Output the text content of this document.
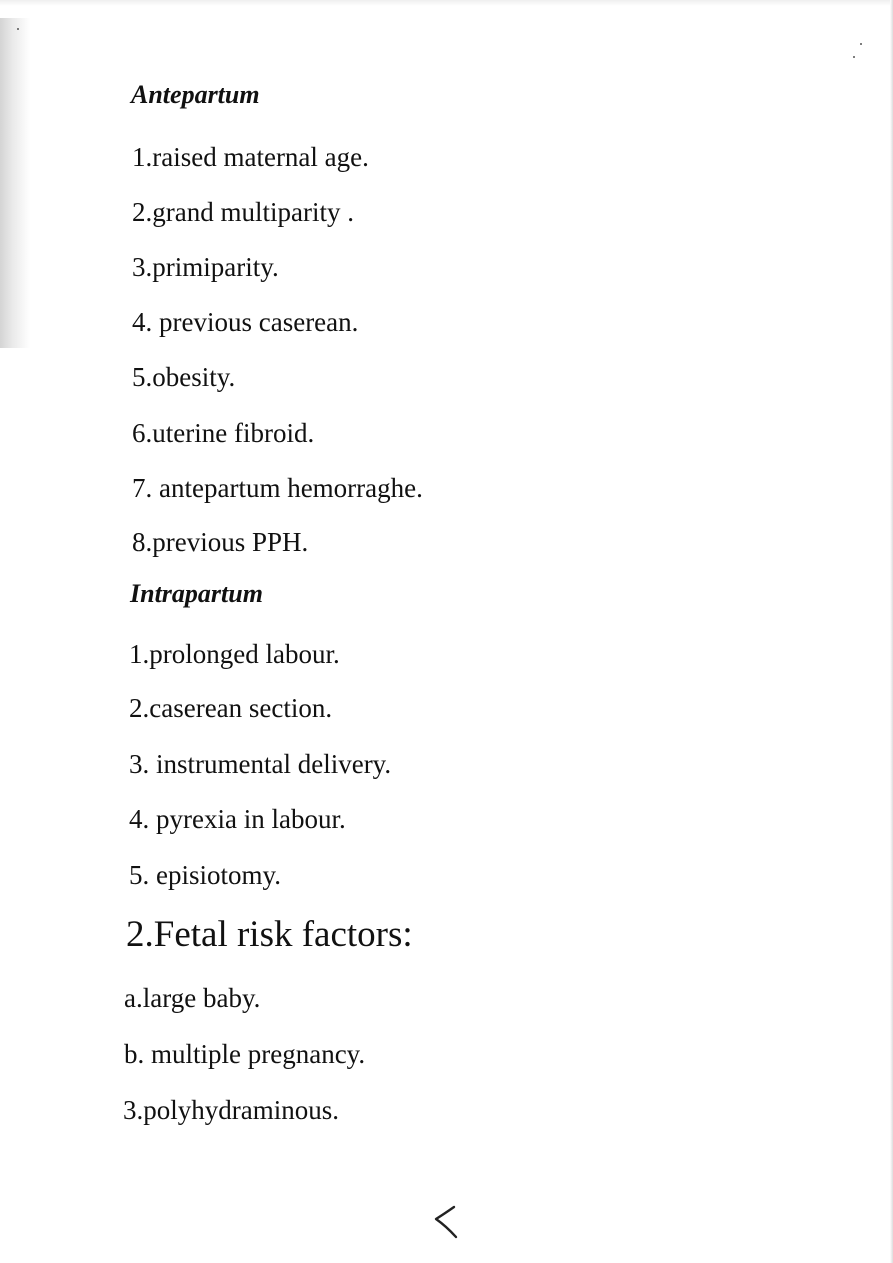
Antepartum
1.raised maternal age.
2.grand multiparity .
3.primiparity.
4. previous caserean.
5.obesity.
6.uterine fibroid.
7. antepartum hemorraghe.
8.previous PPH.
Intrapartum
1.prolonged labour.
2.caserean section.
3. instrumental delivery.
4. pyrexia in labour.
5. episiotomy.
2.Fetal risk factors:
a.large baby.
b. multiple pregnancy.
3.polyhydraminous.
